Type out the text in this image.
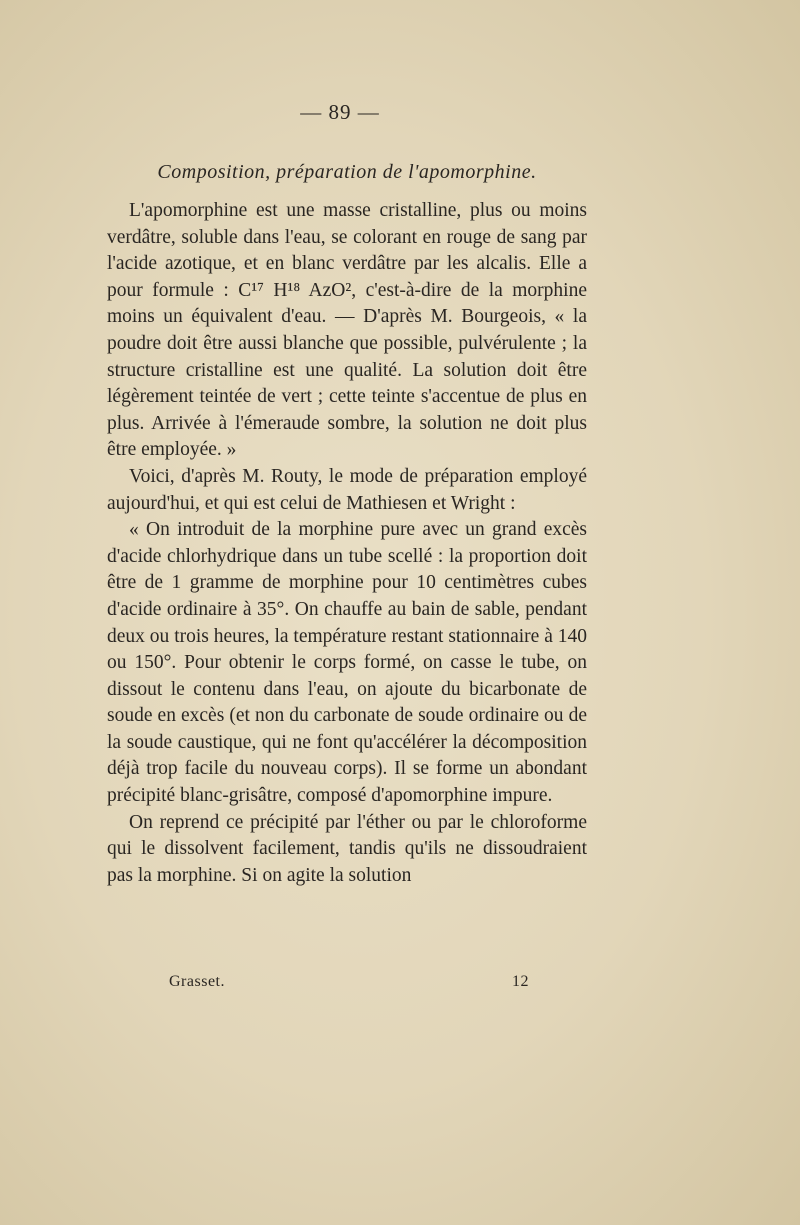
— 89 —
Composition, préparation de l'apomorphine.

L'apomorphine est une masse cristalline, plus ou moins verdâtre, soluble dans l'eau, se colorant en rouge de sang par l'acide azotique, et en blanc verdâtre par les alcalis. Elle a pour formule : C¹⁷ H¹⁸ AzO², c'est-à-dire de la morphine moins un équivalent d'eau. — D'après M. Bourgeois, « la poudre doit être aussi blanche que possible, pulvérulente ; la structure cristalline est une qualité. La solution doit être légèrement teintée de vert ; cette teinte s'accentue de plus en plus. Arrivée à l'émeraude sombre, la solution ne doit plus être employée. »

Voici, d'après M. Routy, le mode de préparation employé aujourd'hui, et qui est celui de Mathiesen et Wright :

« On introduit de la morphine pure avec un grand excès d'acide chlorhydrique dans un tube scellé : la proportion doit être de 1 gramme de morphine pour 10 centimètres cubes d'acide ordinaire à 35°. On chauffe au bain de sable, pendant deux ou trois heures, la température restant stationnaire à 140 ou 150°. Pour obtenir le corps formé, on casse le tube, on dissout le contenu dans l'eau, on ajoute du bicarbonate de soude en excès (et non du carbonate de soude ordinaire ou de la soude caustique, qui ne font qu'accélérer la décomposition déjà trop facile du nouveau corps). Il se forme un abondant précipité blanc-grisâtre, composé d'apomorphine impure.

On reprend ce précipité par l'éther ou par le chloroforme qui le dissolvent facilement, tandis qu'ils ne dissoudraient pas la morphine. Si on agite la solution

Grasset.	12
